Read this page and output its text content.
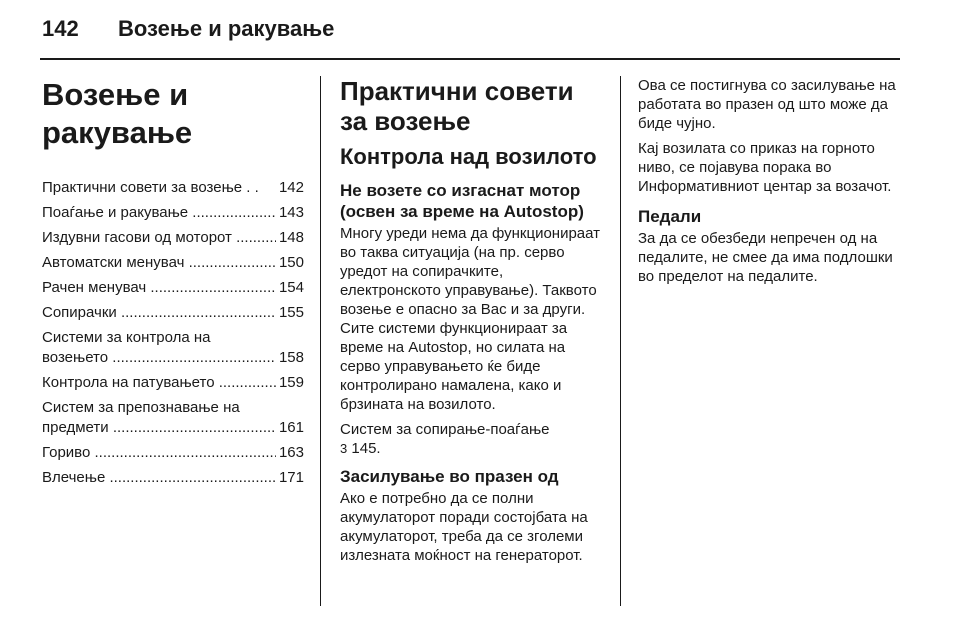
142 Возење и ракување
Возење и ракување
Практични совети за возење . .	142
Поаѓање и ракување .....	143
Издувни гасови од моторот .....	148
Автоматски менувач .....	150
Рачен менувач .....	154
Сопирачки .....	155
Системи за контрола на
возењето .....	158
Контрола на патувањето .....	159
Систем за препознавање на
предмети .....	161
Гориво .....	163
Влечење .....	171
Практични совети за возење
Контрола над возилото
Не возете со изгаснат мотор (освен за време на Autostop)

Многу уреди нема да функционираат во таква ситуација (на пр. серво уредот на сопирачките, електронското управување). Таквото возење е опасно за Вас и за други. Сите системи функционираат за време на Autostop, но силата на серво управувањето ќе биде контролирано намалена, како и брзината на возилото.

Систем за сопирање-поаѓање
3 145.

Засилување во празен од

Ако е потребно да се полни акумулаторот поради состојбата на акумулаторот, треба да се зголеми излезната моќност на генераторот.

Ова се постигнува со засилување на работата во празен од што може да биде чујно.

Кај возилата со приказ на горното ниво, се појавува порака во Информативниот центар за возачот.

Педали

За да се обезбеди непречен од на педалите, не смее да има подлошки во пределот на педалите.
